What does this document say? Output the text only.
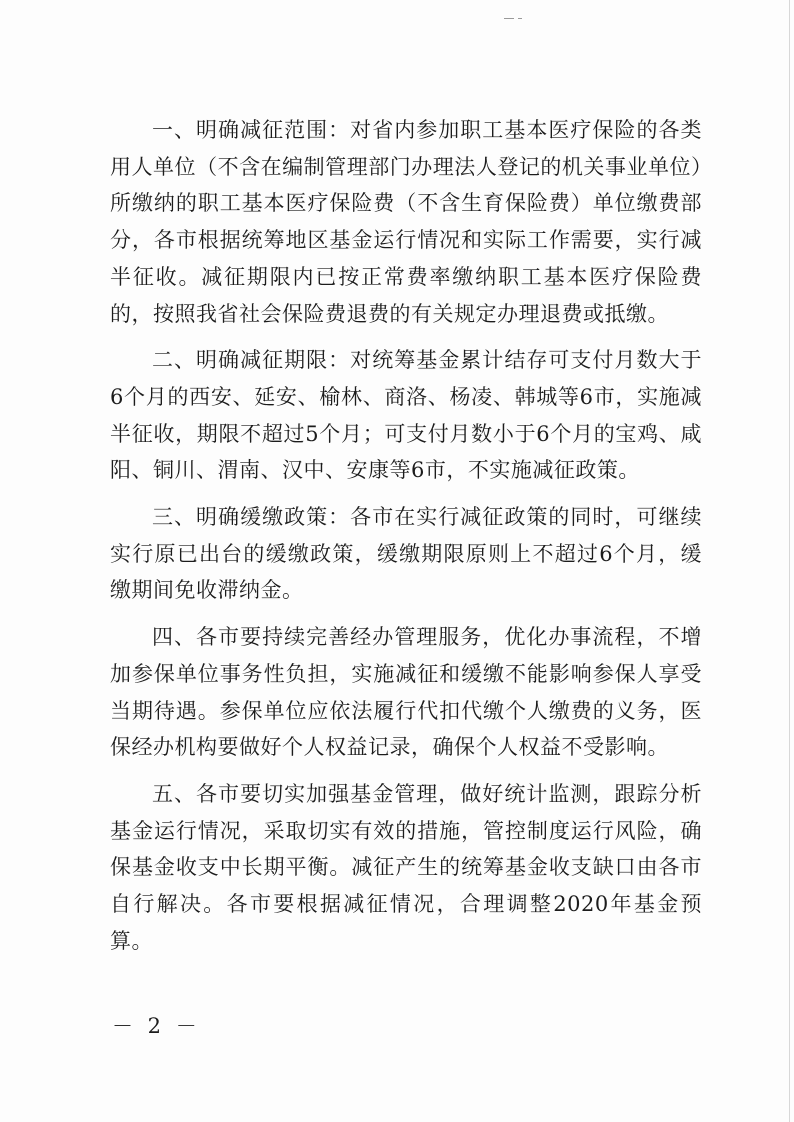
一、明确减征范围：对省内参加职工基本医疗保险的各类用人单位（不含在编制管理部门办理法人登记的机关事业单位）所缴纳的职工基本医疗保险费（不含生育保险费）单位缴费部分，各市根据统筹地区基金运行情况和实际工作需要，实行减半征收。减征期限内已按正常费率缴纳职工基本医疗保险费的，按照我省社会保险费退费的有关规定办理退费或抵缴。

二、明确减征期限：对统筹基金累计结存可支付月数大于6个月的西安、延安、榆林、商洛、杨凌、韩城等6市，实施减半征收，期限不超过5个月；可支付月数小于6个月的宝鸡、咸阳、铜川、渭南、汉中、安康等6市，不实施减征政策。

三、明确缓缴政策：各市在实行减征政策的同时，可继续实行原已出台的缓缴政策，缓缴期限原则上不超过6个月，缓缴期间免收滞纳金。

四、各市要持续完善经办管理服务，优化办事流程，不增加参保单位事务性负担，实施减征和缓缴不能影响参保人享受当期待遇。参保单位应依法履行代扣代缴个人缴费的义务，医保经办机构要做好个人权益记录，确保个人权益不受影响。

五、各市要切实加强基金管理，做好统计监测，跟踪分析基金运行情况，采取切实有效的措施，管控制度运行风险，确保基金收支中长期平衡。减征产生的统筹基金收支缺口由各市自行解决。各市要根据减征情况，合理调整2020年基金预算。

－ 2 －
